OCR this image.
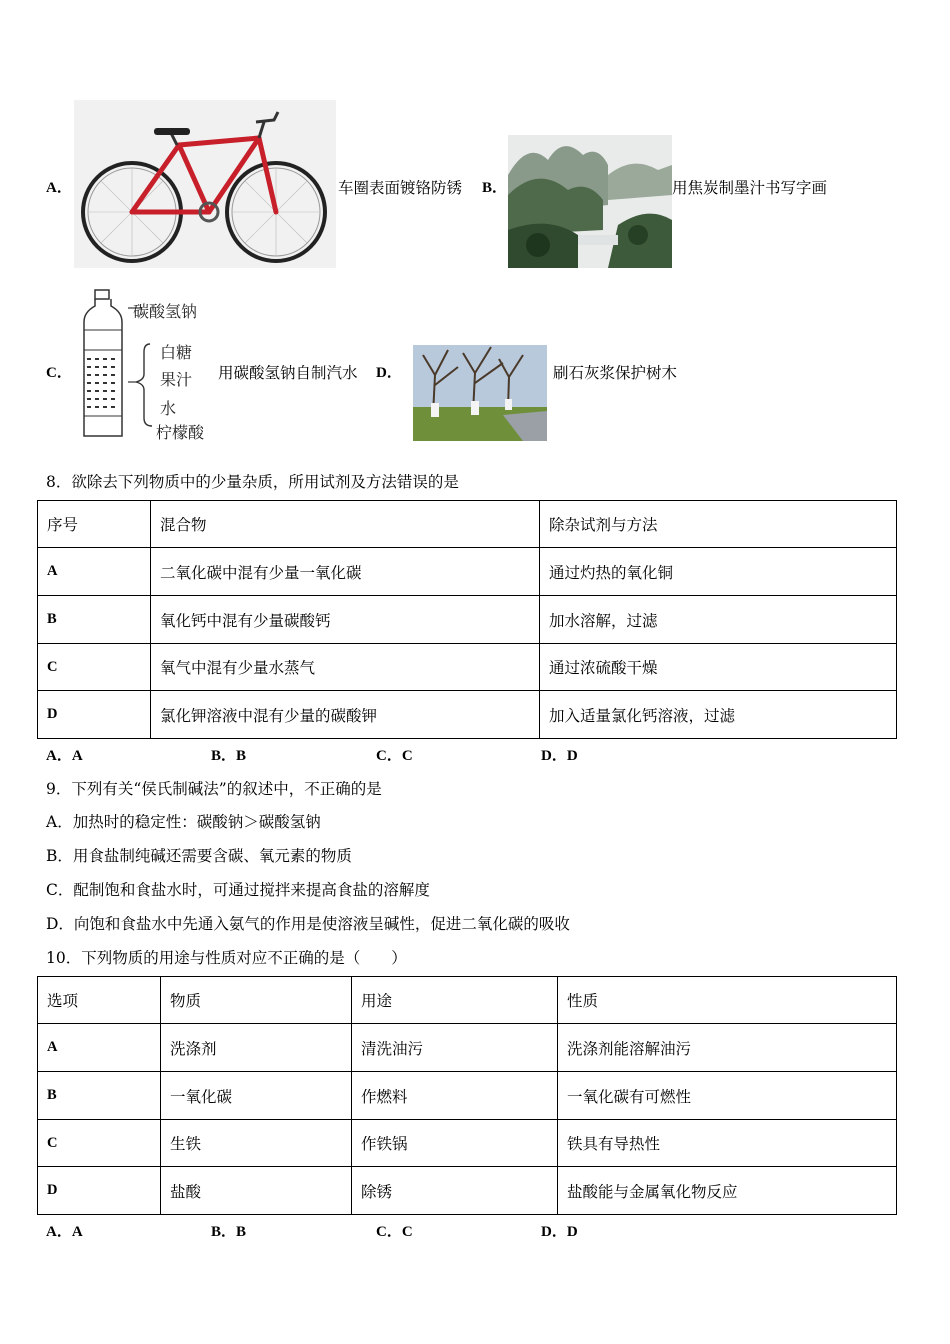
A．	车圈表面镀铬防锈 B．	用焦炭制墨汁书写字画
C．
碳酸氢钠
白糖
果汁
水
柠檬酸
用碳酸氢钠自制汽水 D．	刷石灰浆保护树木
8．欲除去下列物质中的少量杂质，所用试剂及方法错误的是
序号	混合物	除杂试剂与方法
A	二氧化碳中混有少量一氧化碳	通过灼热的氧化铜
B	氧化钙中混有少量碳酸钙	加水溶解，过滤
C	氧气中混有少量水蒸气	通过浓硫酸干燥
D	氯化钾溶液中混有少量的碳酸钾	加入适量氯化钙溶液，过滤
A．A	B．B	C．C	D．D
9．下列有关“侯氏制碱法”的叙述中，不正确的是
A．加热时的稳定性：碳酸钠＞碳酸氢钠
B．用食盐制纯碱还需要含碳、氧元素的物质
C．配制饱和食盐水时，可通过搅拌来提高食盐的溶解度
D．向饱和食盐水中先通入氨气的作用是使溶液呈碱性，促进二氧化碳的吸收
10．下列物质的用途与性质对应不正确的是（　　）
选项	物质	用途	性质
A	洗涤剂	清洗油污	洗涤剂能溶解油污
B	一氧化碳	作燃料	一氧化碳有可燃性
C	生铁	作铁锅	铁具有导热性
D	盐酸	除锈	盐酸能与金属氧化物反应
A．A	B．B	C．C	D．D
